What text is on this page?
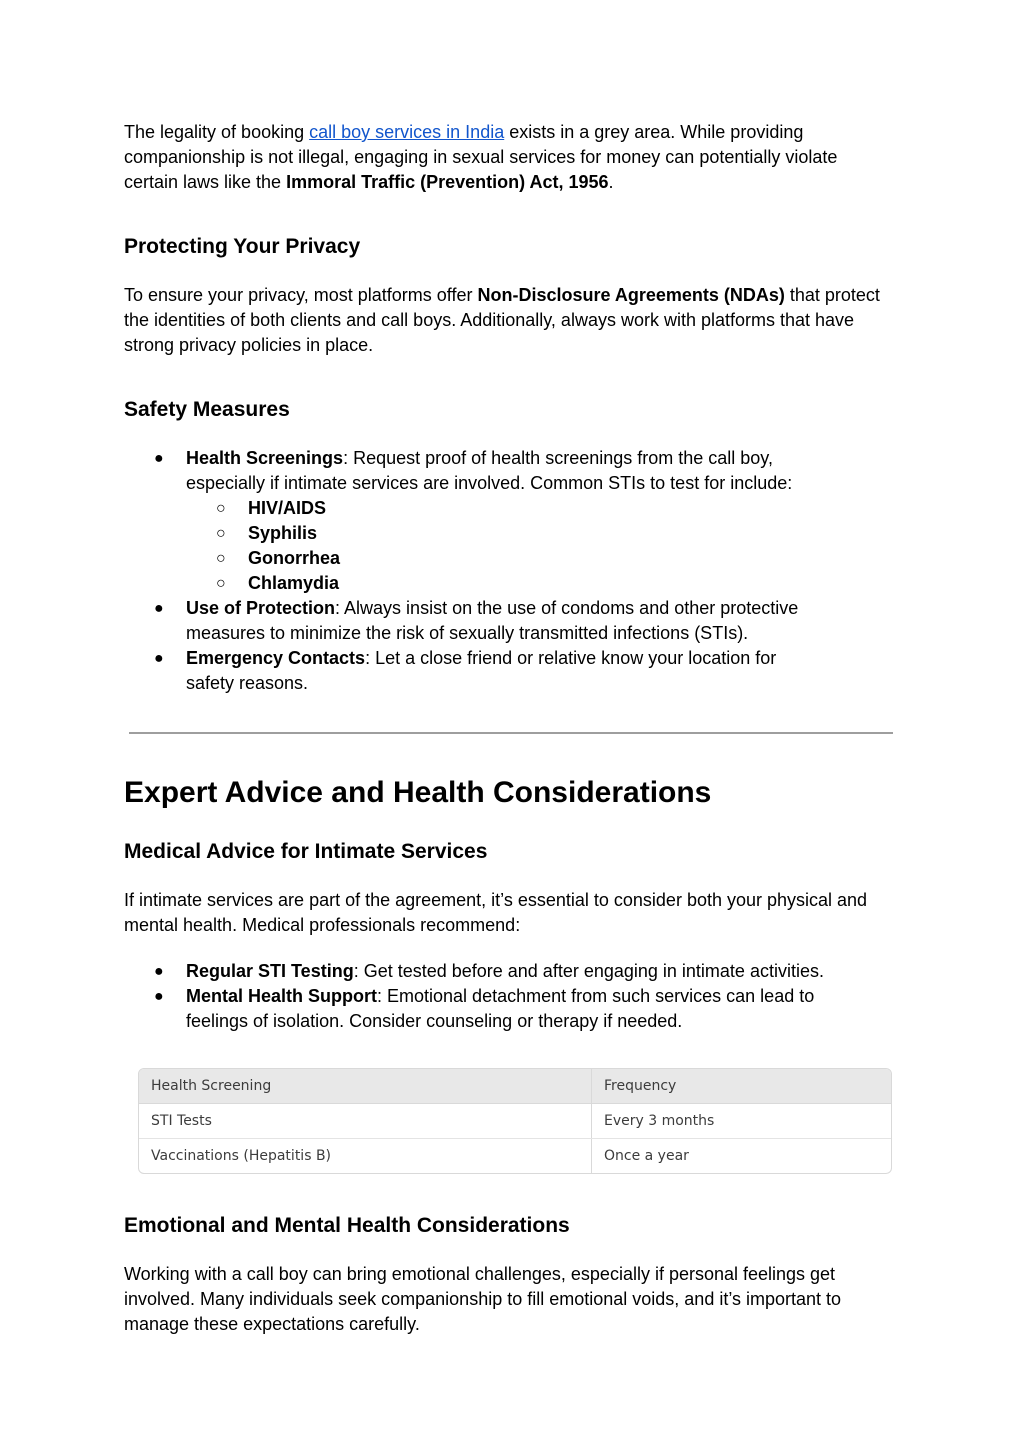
The legality of booking call boy services in India exists in a grey area. While providing companionship is not illegal, engaging in sexual services for money can potentially violate certain laws like the Immoral Traffic (Prevention) Act, 1956.

Protecting Your Privacy

To ensure your privacy, most platforms offer Non-Disclosure Agreements (NDAs) that protect the identities of both clients and call boys. Additionally, always work with platforms that have strong privacy policies in place.

Safety Measures
● Health Screenings: Request proof of health screenings from the call boy, especially if intimate services are involved. Common STIs to test for include:
○ HIV/AIDS
○ Syphilis
○ Gonorrhea
○ Chlamydia
● Use of Protection: Always insist on the use of condoms and other protective measures to minimize the risk of sexually transmitted infections (STIs).
● Emergency Contacts: Let a close friend or relative know your location for safety reasons.
Expert Advice and Health Considerations
Medical Advice for Intimate Services

If intimate services are part of the agreement, it’s essential to consider both your physical and mental health. Medical professionals recommend:

● Regular STI Testing: Get tested before and after engaging in intimate activities.
● Mental Health Support: Emotional detachment from such services can lead to feelings of isolation. Consider counseling or therapy if needed.
Health Screening	Frequency
STI Tests	Every 3 months
Vaccinations (Hepatitis B)	Once a year
Emotional and Mental Health Considerations

Working with a call boy can bring emotional challenges, especially if personal feelings get involved. Many individuals seek companionship to fill emotional voids, and it’s important to manage these expectations carefully.
